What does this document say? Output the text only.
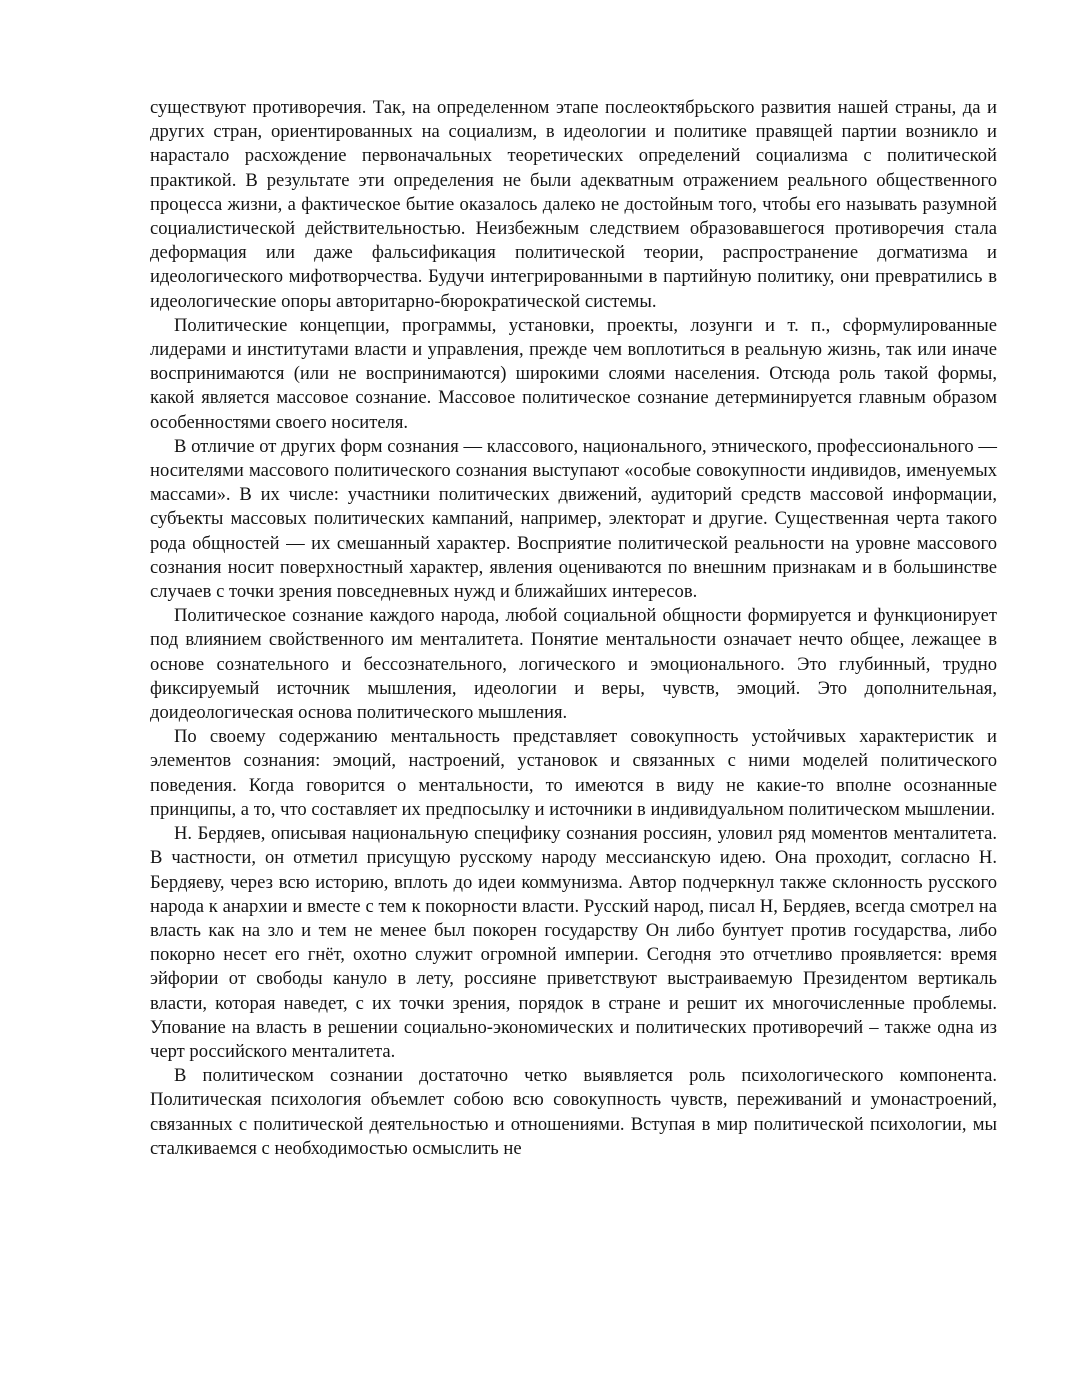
существуют противоречия. Так, на определенном этапе послеоктябрьского развития нашей страны, да и других стран, ориентированных на социализм, в идеологии и политике правящей партии возникло и нарастало расхождение первоначальных теоретических определений социализма с политической практикой. В результате эти определения не были адекватным отражением реального общественного процесса жизни, а фактическое бытие оказалось далеко не достойным того, чтобы его называть разумной социалистической действительностью. Неизбежным следствием образовавшегося противоречия стала деформация или даже фальсификация политической теории, распространение догматизма и идеологического мифотворчества. Будучи интегрированными в партийную политику, они превратились в идеологические опоры авторитарно-бюрократической системы.

Политические концепции, программы, установки, проекты, лозунги и т. п., сформулированные лидерами и институтами власти и управления, прежде чем воплотиться в реальную жизнь, так или иначе воспринимаются (или не воспринимаются) широкими слоями населения. Отсюда роль такой формы, какой является массовое сознание. Массовое политическое сознание детерминируется главным образом особенностями своего носителя.

В отличие от других форм сознания — классового, национального, этнического, профессионального — носителями массового политического сознания выступают «особые совокупности индивидов, именуемых массами». В их числе: участники политических движений, аудиторий средств массовой информации, субъекты массовых политических кампаний, например, электорат и другие. Существенная черта такого рода общностей — их смешанный характер. Восприятие политической реальности на уровне массового сознания носит поверхностный характер, явления оцениваются по внешним признакам и в большинстве случаев с точки зрения повседневных нужд и ближайших интересов.

Политическое сознание каждого народа, любой социальной общности формируется и функционирует под влиянием свойственного им менталитета. Понятие ментальности означает нечто общее, лежащее в основе сознательного и бессознательного, логического и эмоционального. Это глубинный, трудно фиксируемый источник мышления, идеологии и веры, чувств, эмоций. Это дополнительная, доидеологическая основа политического мышления.

По своему содержанию ментальность представляет совокупность устойчивых характеристик и элементов сознания: эмоций, настроений, установок и связанных с ними моделей политического поведения. Когда говорится о ментальности, то имеются в виду не какие-то вполне осознанные принципы, а то, что составляет их предпосылку и источники в индивидуальном политическом мышлении.

Н. Бердяев, описывая национальную специфику сознания россиян, уловил ряд моментов менталитета. В частности, он отметил присущую русскому народу мессианскую идею. Она проходит, согласно Н. Бердяеву, через всю историю, вплоть до идеи коммунизма. Автор подчеркнул также склонность русского народа к анархии и вместе с тем к покорности власти. Русский народ, писал Н, Бердяев, всегда смотрел на власть как на зло и тем не менее был покорен государству Он либо бунтует против государства, либо покорно несет его гнёт, охотно служит огромной империи. Сегодня это отчетливо проявляется: время эйфории от свободы кануло в лету, россияне приветствуют выстраиваемую Президентом вертикаль власти, которая наведет, с их точки зрения, порядок в стране и решит их многочисленные проблемы. Упование на власть в решении социально-экономических и политических противоречий – также одна из черт российского менталитета.

В политическом сознании достаточно четко выявляется роль психологического компонента. Политическая психология объемлет собою всю совокупность чувств, переживаний и умонастроений, связанных с политической деятельностью и отношениями. Вступая в мир политической психологии, мы сталкиваемся с необходимостью осмыслить не
